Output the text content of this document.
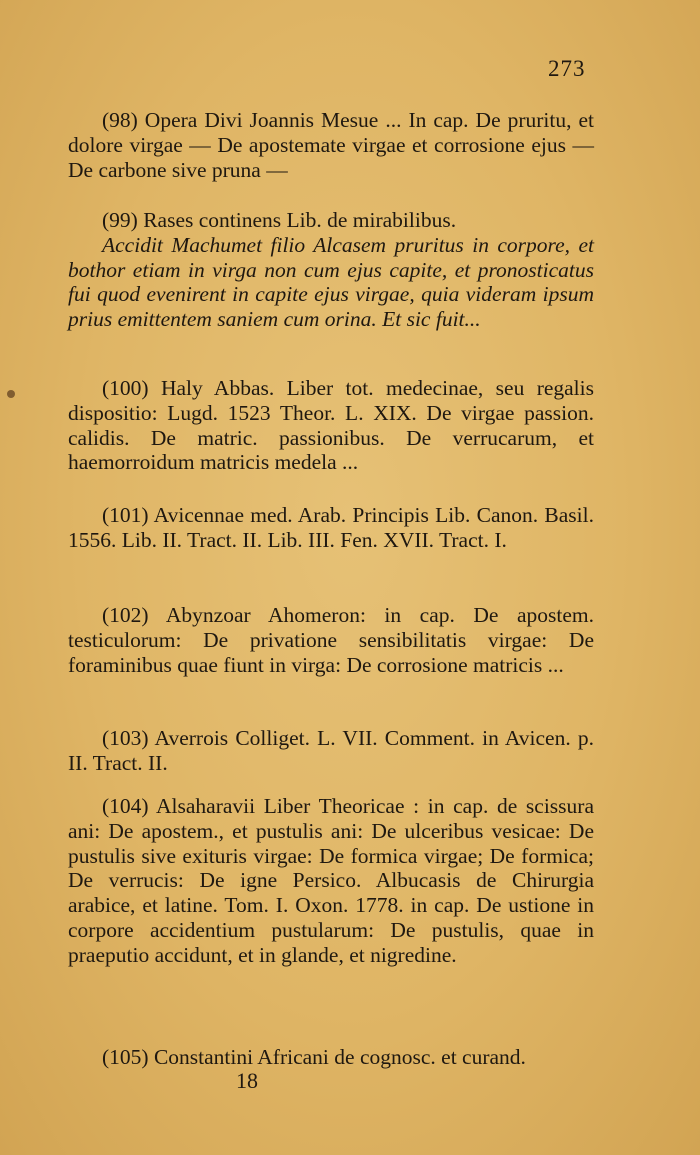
273

(98) Opera Divi Joannis Mesue ... In cap. De pruritu, et dolore virgae — De apostemate virgae et corrosione ejus — De carbone sive pruna —

(99) Rases continens Lib. de mirabilibus.

Accidit Machumet filio Alcasem pruritus in corpore, et bothor etiam in virga non cum ejus capite, et pronosticatus fui quod evenirent in capite ejus virgae, quia videram ipsum prius emittentem saniem cum orina. Et sic fuit...

(100) Haly Abbas. Liber tot. medecinae, seu regalis dispositio: Lugd. 1523 Theor. L. XIX. De virgae passion. calidis. De matric. passionibus. De verrucarum, et haemorroidum matricis medela ...

(101) Avicennae med. Arab. Principis Lib. Canon. Basil. 1556. Lib. II. Tract. II. Lib. III. Fen. XVII. Tract. I.

(102) Abynzoar Ahomeron: in cap. De apostem. testiculorum: De privatione sensibilitatis virgae: De foraminibus quae fiunt in virga: De corrosione matricis ...

(103) Averrois Colliget. L. VII. Comment. in Avicen. p. II. Tract. II.

(104) Alsaharavii Liber Theoricae : in cap. de scissura ani: De apostem., et pustulis ani: De ulceribus vesicae: De pustulis sive exituris virgae: De formica virgae; De formica; De verrucis: De igne Persico. Albucasis de Chirurgia arabice, et latine. Tom. I. Oxon. 1778. in cap. De ustione in corpore accidentium pustularum: De pustulis, quae in praeputio accidunt, et in glande, et nigredine.

(105) Constantini Africani de cognosc. et curand.

18
